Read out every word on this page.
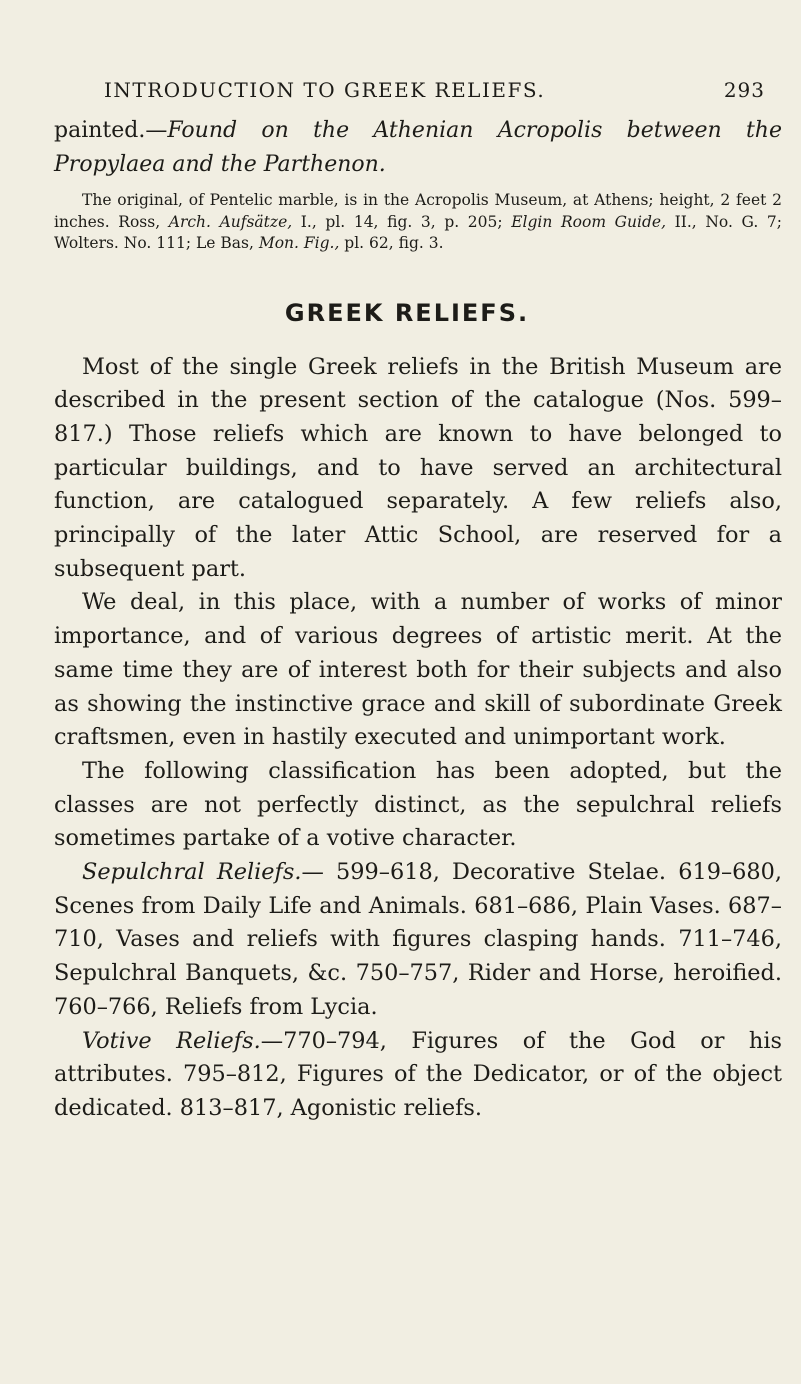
INTRODUCTION TO GREEK RELIEFS.	293

painted.—Found on the Athenian Acropolis between the Propylaea and the Parthenon.

The original, of Pentelic marble, is in the Acropolis Museum, at Athens; height, 2 feet 2 inches. Ross, Arch. Aufsätze, I., pl. 14, fig. 3, p. 205; Elgin Room Guide, II., No. G. 7; Wolters. No. 111; Le Bas, Mon. Fig., pl. 62, fig. 3.

GREEK RELIEFS.

Most of the single Greek reliefs in the British Museum are described in the present section of the catalogue (Nos. 599–817.) Those reliefs which are known to have belonged to particular buildings, and to have served an architectural function, are catalogued separately. A few reliefs also, principally of the later Attic School, are reserved for a subsequent part.

We deal, in this place, with a number of works of minor importance, and of various degrees of artistic merit. At the same time they are of interest both for their subjects and also as showing the instinctive grace and skill of subordinate Greek craftsmen, even in hastily executed and unimportant work.

The following classification has been adopted, but the classes are not perfectly distinct, as the sepulchral reliefs sometimes partake of a votive character.

Sepulchral Reliefs.— 599–618, Decorative Stelae. 619–680, Scenes from Daily Life and Animals. 681–686, Plain Vases. 687–710, Vases and reliefs with figures clasping hands. 711–746, Sepulchral Banquets, &c. 750–757, Rider and Horse, heroified. 760–766, Reliefs from Lycia.

Votive Reliefs.—770–794, Figures of the God or his attributes. 795–812, Figures of the Dedicator, or of the object dedicated. 813–817, Agonistic reliefs.
